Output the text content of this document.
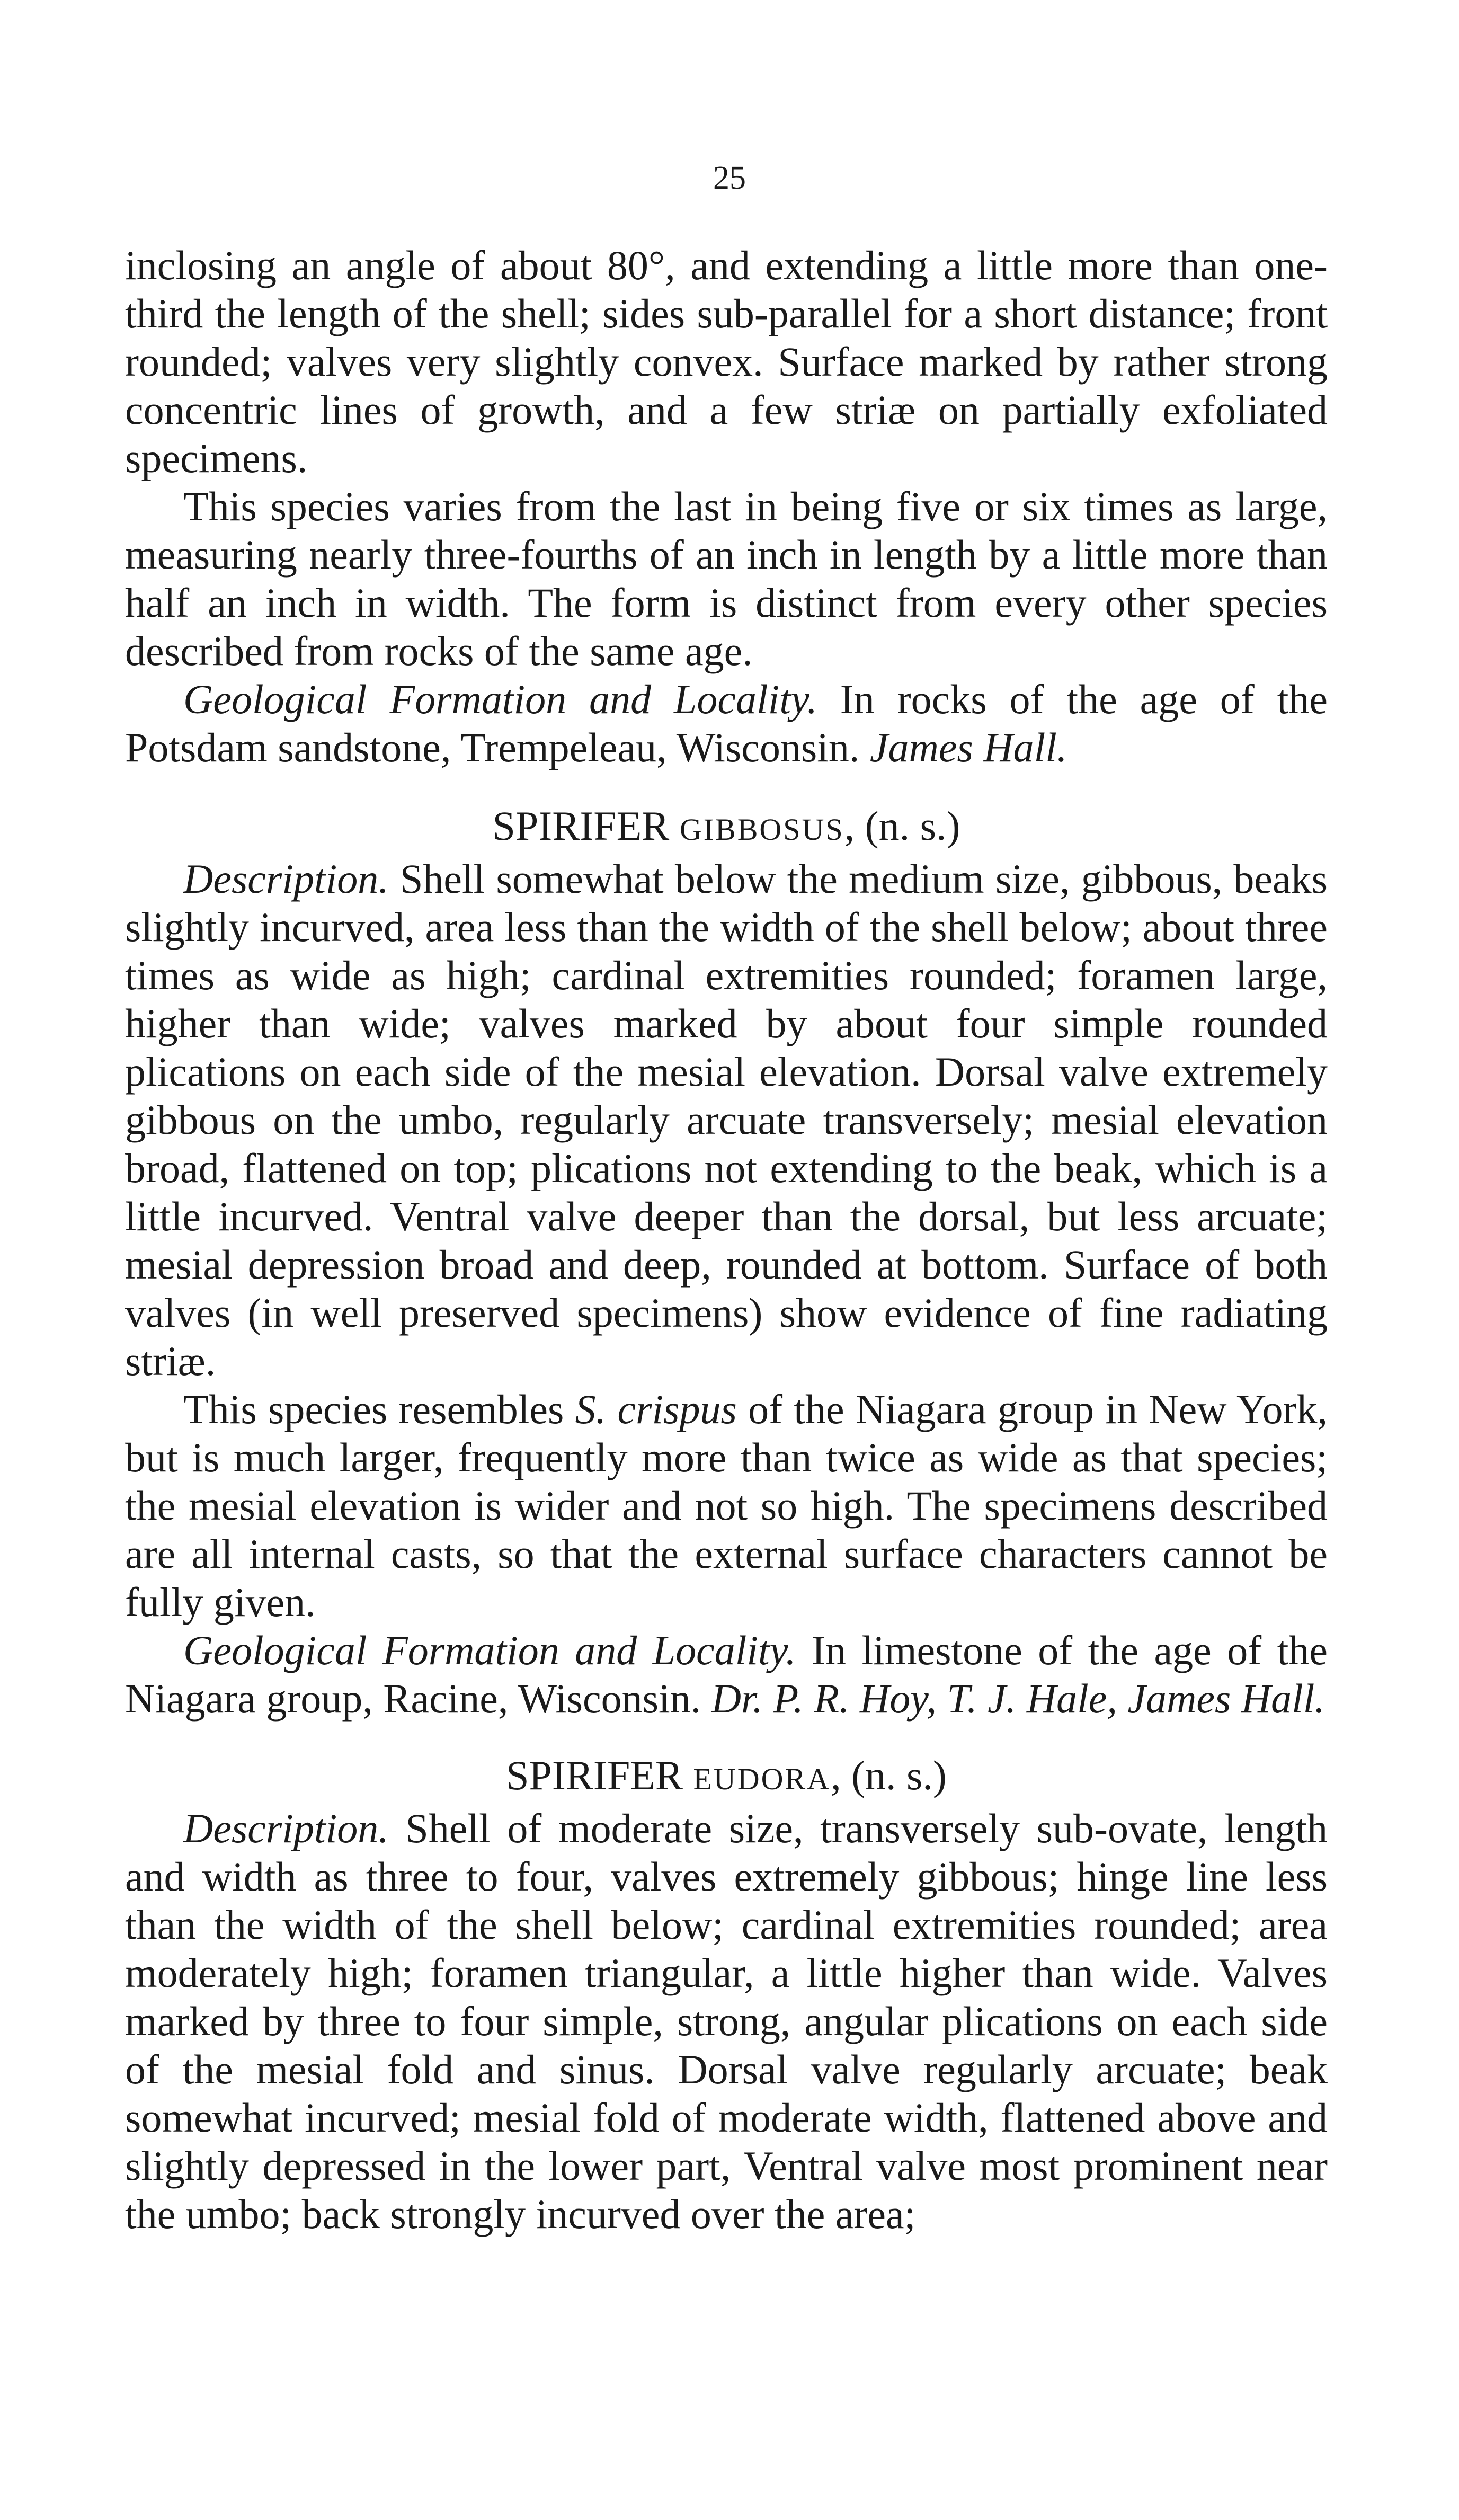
25

inclosing an angle of about 80°, and extending a little more than one-third the length of the shell; sides sub-parallel for a short distance; front rounded; valves very slightly convex. Surface marked by rather strong concentric lines of growth, and a few striæ on partially exfoliated specimens.

This species varies from the last in being five or six times as large, measuring nearly three-fourths of an inch in length by a little more than half an inch in width. The form is distinct from every other species described from rocks of the same age.

Geological Formation and Locality. In rocks of the age of the Potsdam sandstone, Trempeleau, Wisconsin. James Hall.

SPIRIFER GIBBOSUS, (n. s.)

Description. Shell somewhat below the medium size, gibbous, beaks slightly incurved, area less than the width of the shell below; about three times as wide as high; cardinal extremities rounded; foramen large, higher than wide; valves marked by about four simple rounded plications on each side of the mesial elevation. Dorsal valve extremely gibbous on the umbo, regularly arcuate transversely; mesial elevation broad, flattened on top; plications not extending to the beak, which is a little incurved. Ventral valve deeper than the dorsal, but less arcuate; mesial depression broad and deep, rounded at bottom. Surface of both valves (in well preserved specimens) show evidence of fine radiating striæ.

This species resembles S. crispus of the Niagara group in New York, but is much larger, frequently more than twice as wide as that species; the mesial elevation is wider and not so high. The specimens described are all internal casts, so that the external surface characters cannot be fully given.

Geological Formation and Locality. In limestone of the age of the Niagara group, Racine, Wisconsin. Dr. P. R. Hoy, T. J. Hale, James Hall.

SPIRIFER EUDORA, (n. s.)

Description. Shell of moderate size, transversely sub-ovate, length and width as three to four, valves extremely gibbous; hinge line less than the width of the shell below; cardinal extremities rounded; area moderately high; foramen triangular, a little higher than wide. Valves marked by three to four simple, strong, angular plications on each side of the mesial fold and sinus. Dorsal valve regularly arcuate; beak somewhat incurved; mesial fold of moderate width, flattened above and slightly depressed in the lower part, Ventral valve most prominent near the umbo; back strongly incurved over the area;
